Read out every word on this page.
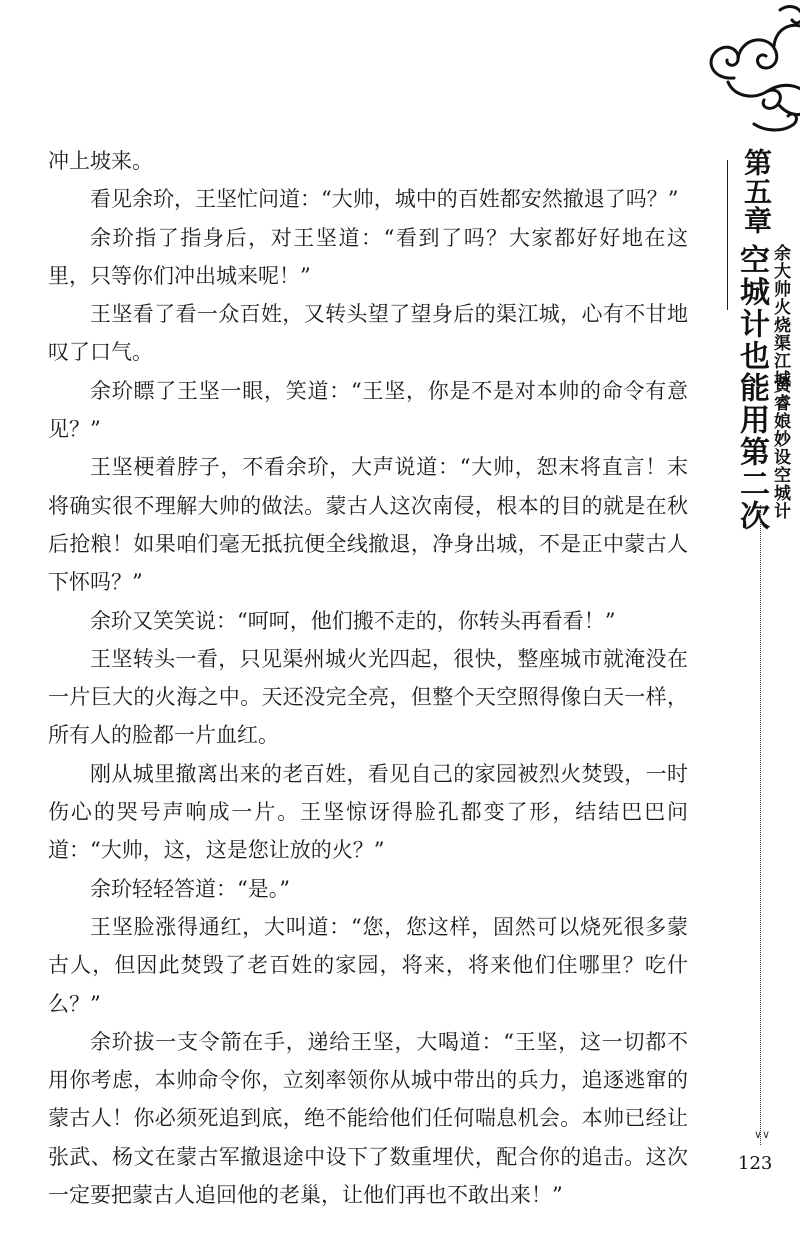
第五章
空城计也能用第二次 余大帅火烧渠江城
黄睿娘妙设空城计
∨∨
123

冲上坡来。

看见余玠，王坚忙问道：“大帅，城中的百姓都安然撤退了吗？”

余玠指了指身后，对王坚道：“看到了吗？大家都好好地在这里，只等你们冲出城来呢！”

王坚看了看一众百姓，又转头望了望身后的渠江城，心有不甘地叹了口气。

余玠瞟了王坚一眼，笑道：“王坚，你是不是对本帅的命令有意见？”

王坚梗着脖子，不看余玠，大声说道：“大帅，恕末将直言！末将确实很不理解大帅的做法。蒙古人这次南侵，根本的目的就是在秋后抢粮！如果咱们毫无抵抗便全线撤退，净身出城，不是正中蒙古人下怀吗？”

余玠又笑笑说：“呵呵，他们搬不走的，你转头再看看！”

王坚转头一看，只见渠州城火光四起，很快，整座城市就淹没在一片巨大的火海之中。天还没完全亮，但整个天空照得像白天一样，所有人的脸都一片血红。

刚从城里撤离出来的老百姓，看见自己的家园被烈火焚毁，一时伤心的哭号声响成一片。王坚惊讶得脸孔都变了形，结结巴巴问道：“大帅，这，这是您让放的火？”

余玠轻轻答道：“是。”

王坚脸涨得通红，大叫道：“您，您这样，固然可以烧死很多蒙古人，但因此焚毁了老百姓的家园，将来，将来他们住哪里？吃什么？”

余玠拔一支令箭在手，递给王坚，大喝道：“王坚，这一切都不用你考虑，本帅命令你，立刻率领你从城中带出的兵力，追逐逃窜的蒙古人！你必须死追到底，绝不能给他们任何喘息机会。本帅已经让张武、杨文在蒙古军撤退途中设下了数重埋伏，配合你的追击。这次一定要把蒙古人追回他的老巢，让他们再也不敢出来！”
